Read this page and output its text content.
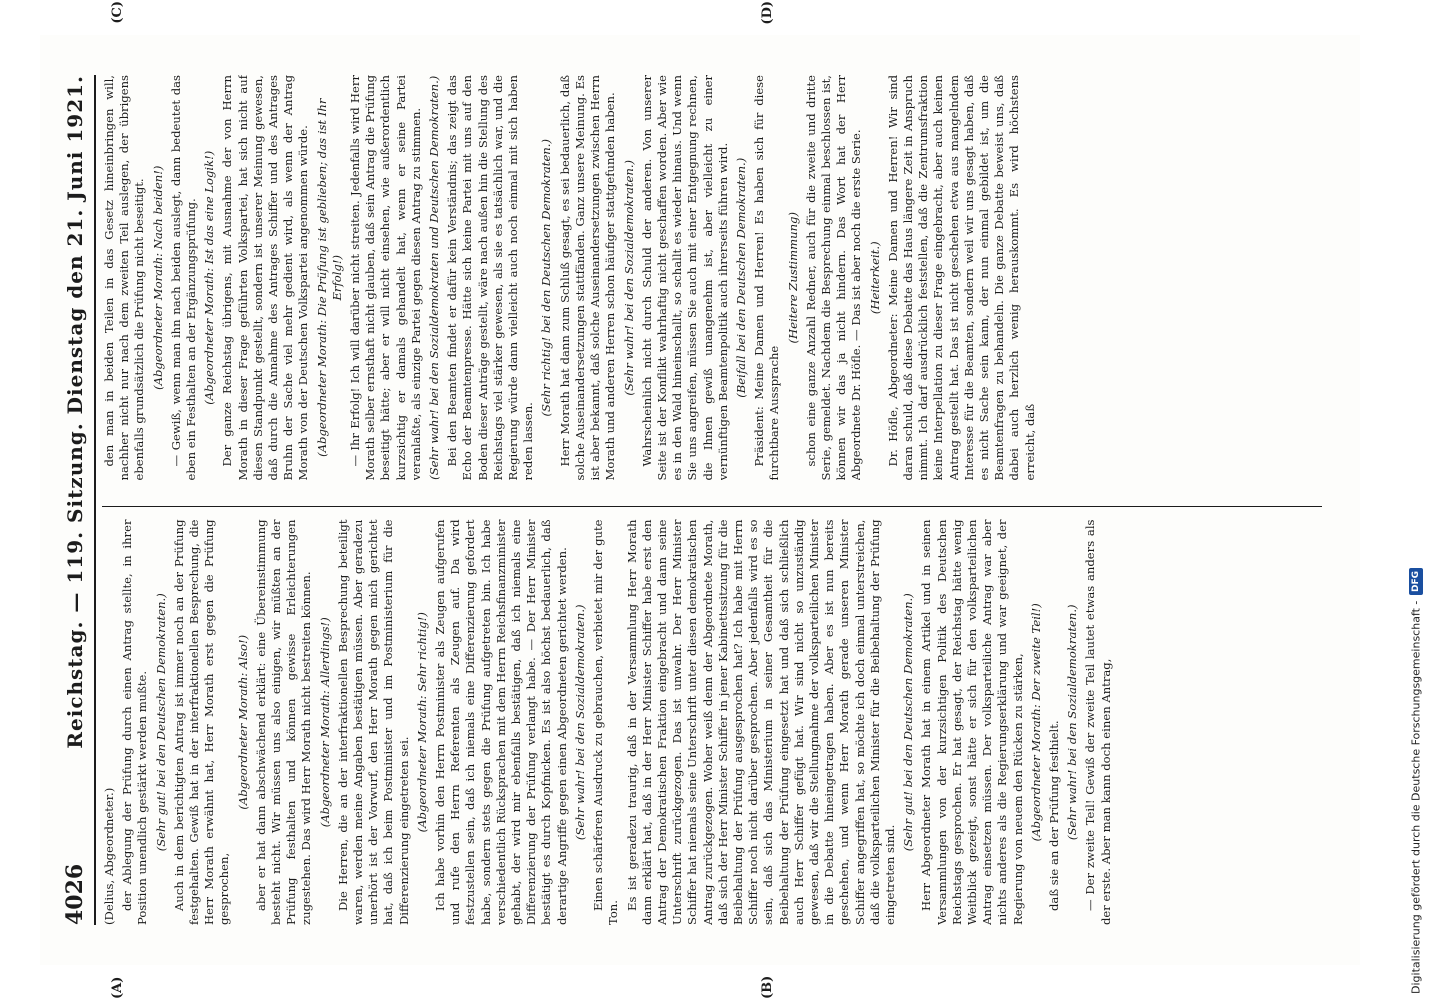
4026
Reichstag. — 119. Sitzung. Dienstag den 21. Juni 1921.

(Delius, Abgeordneter.) der Ablegung der Prüfung durch einen Antrag stellte, in ihrer Position unendlich gestärkt werden mußte. (Sehr gut! bei den Deutschen Demokraten.) Auch in dem berichtigten Antrag ist immer noch an der Prüfung festgehalten. Gewiß hat in der interfraktionellen Besprechung, die Herr Morath erwähnt hat, Herr Morath erst gegen die Prüfung gesprochen,

(Abgeordneter Morath: Also!) aber er hat dann abschwächend erklärt: eine Übereinstimmung besteht nicht. Wir müssen uns also einigen, wir müßten an der Prüfung festhalten und können gewisse Erleichterungen zugestehen. Das wird Herr Morath nicht bestreiten können. (Abgeordneter Morath: Allerdings!) Die Herren, die an der interfraktionellen Besprechung beteiligt waren, werden meine Angaben bestätigen müssen. Aber geradezu unerhört ist der Vorwurf, den Herr Morath gegen mich gerichtet hat, daß ich beim Postminister und im Postministerium für die Differenzierung eingetreten sei. (Abgeordneter Morath: Sehr richtig!) Ich habe vorhin den Herrn Postminister als Zeugen aufgerufen und rufe den Herrn Referenten als Zeugen auf. Da wird festzustellen sein, daß ich niemals eine Differenzierung gefordert habe, sondern stets gegen die Prüfung aufgetreten bin. Ich habe verschiedentlich Rücksprachen mit dem Herrn Reichsfinanzminister gehabt, der wird mir ebenfalls bestätigen, daß ich niemals eine Differenzierung der Prüfung verlangt habe. — Der Herr Minister bestätigt es durch Kopfnicken. Es ist also höchst bedauerlich, daß derartige Angriffe gegen einen Abgeordneten gerichtet werden. (Sehr wahr! bei den Sozialdemokraten.) Einen schärferen Ausdruck zu gebrauchen, verbietet mir der gute Ton.

Es ist geradezu traurig, daß in der Versammlung Herr Morath dann erklärt hat, daß in der Herr Minister Schiffer habe erst den Antrag der Demokratischen Fraktion eingebracht und dann seine Unterschrift zurückgezogen. Das ist unwahr. Der Herr Minister Schiffer hat niemals seine Unterschrift unter diesen demokratischen Antrag zurückgezogen. Woher weiß denn der Abgeordnete Morath, daß sich der Herr Minister Schiffer in jener Kabinettssitzung für die Beibehaltung der Prüfung ausgesprochen hat? Ich habe mit Herrn Schiffer noch nicht darüber gesprochen. Aber jedenfalls wird es so sein, daß sich das Ministerium in seiner Gesamtheit für die Beibehaltung der Prüfung eingesetzt hat und daß sich schließlich auch Herr Schiffer gefügt hat. Wir sind nicht so unzuständig gewesen, daß wir die Stellungnahme der volksparteilichen Minister in die Debatte hineingetragen haben. Aber es ist nun bereits geschehen, und wenn Herr Morath gerade unseren Minister Schiffer angegriffen hat, so möchte ich doch einmal unterstreichen, daß die volksparteilichen Minister für die Beibehaltung der Prüfung eingetreten sind.

(Sehr gut! bei den Deutschen Demokraten.) Herr Abgeordneter Morath hat in einem Artikel und in seinen Versammlungen von der kurzsichtigen Politik des Deutschen Reichstags gesprochen. Er hat gesagt, der Reichstag hätte wenig Weitblick gezeigt, sonst hätte er sich für den volksparteilichen Antrag einsetzen müssen. Der volksparteiliche Antrag war aber nichts anderes als die Regierungserklärung und war geeignet, der Regierung von neuem den Rücken zu stärken, (Abgeordneter Morath: Der zweite Teil!) daß sie an der Prüfung festhielt. (Sehr wahr! bei den Sozialdemokraten.) — Der zweite Teil! Gewiß der zweite Teil lautet etwas anders als der erste. Aber man kann doch einen Antrag,

den man in beiden Teilen in das Gesetz hineinbringen will, nachher nicht nur nach dem zweiten Teil auslegen, der übrigens ebenfalls grundsätzlich die Prüfung nicht beseitigt. (Abgeordneter Morath: Nach beiden!) — Gewiß, wenn man ihn nach beiden auslegt, dann bedeutet das eben ein Festhalten an der Ergänzungsprüfung. (Abgeordneter Morath: Ist das eine Logik!) Der ganze Reichstag übrigens, mit Ausnahme der von Herrn Morath in dieser Frage geführten Volkspartei, hat sich nicht auf diesen Standpunkt gestellt, sondern ist unserer Meinung gewesen, daß durch die Annahme des Antrages Schiffer und des Antrages Bruhn der Sache viel mehr gedient wird, als wenn der Antrag Morath von der Deutschen Volkspartei angenommen würde. (Abgeordneter Morath: Die Prüfung ist geblieben; das ist Ihr Erfolg!) — Ihr Erfolg! Ich will darüber nicht streiten. Jedenfalls wird Herr Morath selber ernsthaft nicht glauben, daß sein Antrag die Prüfung beseitigt hätte; aber er will nicht einsehen, wie außerordentlich kurzsichtig er damals gehandelt hat, wenn er seine Partei veranlaßte, als einzige Partei gegen diesen Antrag zu stimmen. (Sehr wahr! bei den Sozialdemokraten und Deutschen Demokraten.) Bei den Beamten findet er dafür kein Verständnis; das zeigt das Echo der Beamtenpresse. Hätte sich keine Partei mit uns auf den Boden dieser Anträge gestellt, wäre nach außen hin die Stellung des Reichstags viel stärker gewesen, als sie es tatsächlich war, und die Regierung würde dann vielleicht auch noch einmal mit sich haben reden lassen.

(Sehr richtig! bei den Deutschen Demokraten.) Herr Morath hat dann zum Schluß gesagt, es sei bedauerlich, daß solche Auseinandersetzungen stattfänden. Ganz unsere Meinung. Es ist aber bekannt, daß solche Auseinandersetzungen zwischen Herrn Morath und anderen Herren schon häufiger stattgefunden haben. (Sehr wahr! bei den Sozialdemokraten.) Wahrscheinlich nicht durch Schuld der anderen. Von unserer Seite ist der Konflikt wahrhaftig nicht geschaffen worden. Aber wie es in den Wald hineinschallt, so schallt es wieder hinaus. Und wenn Sie uns angreifen, müssen Sie auch mit einer Entgegnung rechnen, die Ihnen gewiß unangenehm ist, aber vielleicht zu einer vernünftigen Beamtenpolitik auch ihrerseits führen wird. (Beifall bei den Deutschen Demokraten.) Präsident: Meine Damen und Herren! Es haben sich für diese furchtbare Aussprache

(Heitere Zustimmung) schon eine ganze Anzahl Redner, auch für die zweite und dritte Serie, gemeldet. Nachdem die Besprechung einmal beschlossen ist, können wir das ja nicht hindern. Das Wort hat der Herr Abgeordnete Dr. Höfle. — Das ist aber noch die erste Serie. (Heiterkeit.) Dr. Höfle, Abgeordneter: Meine Damen und Herren! Wir sind daran schuld, daß diese Debatte das Haus längere Zeit in Anspruch nimmt. Ich darf ausdrücklich feststellen, daß die Zentrumsfraktion keine Interpellation zu dieser Frage eingebracht, aber auch keinen Antrag gestellt hat. Das ist nicht geschehen etwa aus mangelndem Interesse für die Beamten, sondern weil wir uns gesagt haben, daß es nicht Sache sein kann, der nun einmal gebildet ist, um die Beamtenfragen zu behandeln. Die ganze Debatte beweist uns, daß dabei auch herzlich wenig herauskommt. Es wird höchstens erreicht, daß

(A)	(B)
(C)	(D)
Digitalisierung gefördert durch die Deutsche Forschungsgemeinschaft -
DFG
